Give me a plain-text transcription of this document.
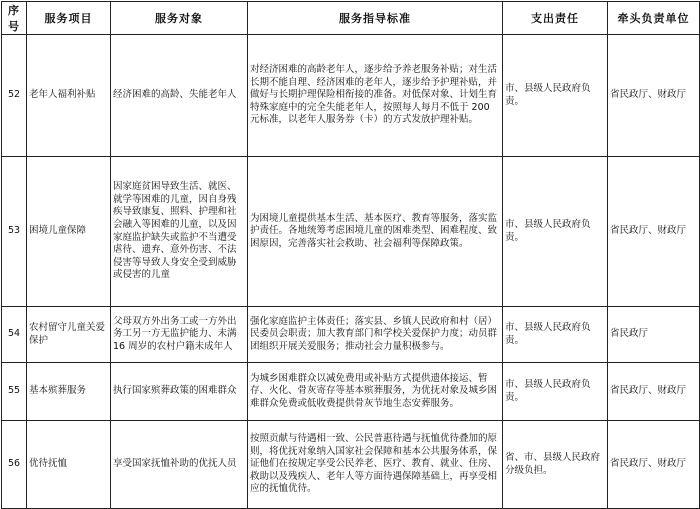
序号	服务项目	服务对象	服务指导标准	支出责任	牵头负责单位
52	老年人福利补贴	经济困难的高龄、失能老年人	对经济困难的高龄老年人，逐步给予养老服务补贴；对生活长期不能自理、经济困难的老年人，逐步给予护理补贴，并做好与长期护理保险相衔接的准备。对低保对象、计划生育特殊家庭中的完全失能老年人，按照每人每月不低于 200 元标准，以老年人服务券（卡）的方式发放护理补贴。	市、县级人民政府负责。	省民政厅、财政厅
53	困境儿童保障	因家庭贫困导致生活、就医、就学等困难的儿童，因自身残疾导致康复、照料、护理和社会融入等困难的儿童，以及因家庭监护缺失或监护不当遭受虐待、遗弃、意外伤害、不法侵害等导致人身安全受到威胁或侵害的儿童	为困境儿童提供基本生活、基本医疗、教育等服务，落实监护责任。各地统筹考虑困境儿童的困难类型、困难程度、致困原因，完善落实社会救助、社会福利等保障政策。	市、县级人民政府负责。	省民政厅、财政厅
54	农村留守儿童关爱保护	父母双方外出务工或一方外出务工另一方无监护能力、未满 16 周岁的农村户籍未成年人	强化家庭监护主体责任；落实县、乡镇人民政府和村（居）民委员会职责；加大教育部门和学校关爱保护力度；动员群团组织开展关爱服务；推动社会力量积极参与。	市、县级人民政府负责。	省民政厅
55	基本殡葬服务	执行国家殡葬政策的困难群众	为城乡困难群众以减免费用或补贴方式提供遗体接运、暂存、火化、骨灰寄存等基本殡葬服务，为优抚对象及城乡困难群众免费或低收费提供骨灰节地生态安葬服务。	市、县级人民政府负责。	省民政厅、财政厅
56	优待抚恤	享受国家抚恤补助的优抚人员	按照贡献与待遇相一致、公民普惠待遇与抚恤优待叠加的原则，将优抚对象纳入国家社会保障和基本公共服务体系，保证他们在按规定享受公民养老、医疗、教育、就业、住房、救助以及残疾人、老年人等方面待遇保障基础上，再享受相应的抚恤优待。	省、市、县级人民政府分级负担。	省民政厅、财政厅
